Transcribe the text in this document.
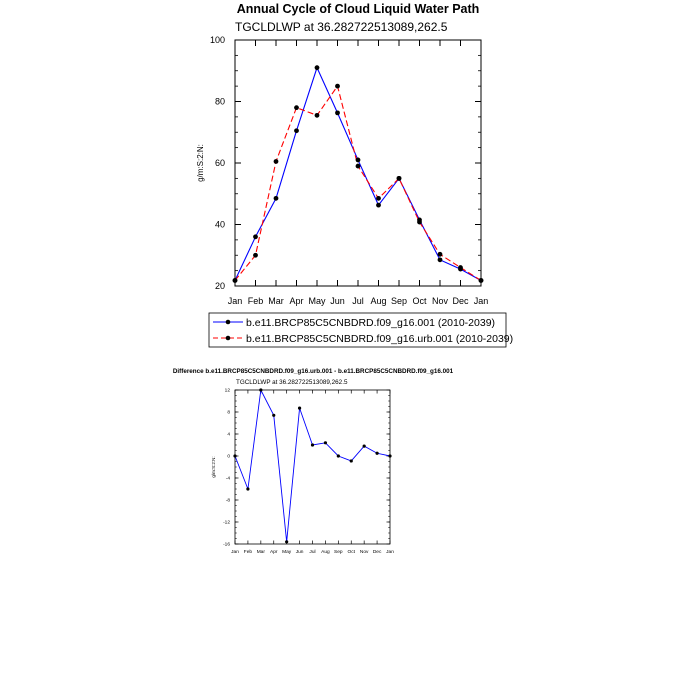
Annual Cycle of Cloud Liquid Water Path
TGCLDLWP at 36.282722513089,262.5
g/m:S:2:N:
Jan Feb Mar Apr May Jun Jul Aug Sep Oct Nov Dec Jan
20
40
60
80
100
b.e11.BRCP85C5CNBDRD.f09_g16.001 (2010-2039)
b.e11.BRCP85C5CNBDRD.f09_g16.urb.001 (2010-2039)
Difference b.e11.BRCP85C5CNBDRD.f09_g16.urb.001 - b.e11.BRCP85C5CNBDRD.f09_g16.001
TGCLDLWP at 36.282722513089,262.5
g/m:S:2:N:
Jan Feb Mar Apr May Jun Jul Aug Sep Oct Nov Dec Jan
-16
-12
-8
-4
0
4
8
12
